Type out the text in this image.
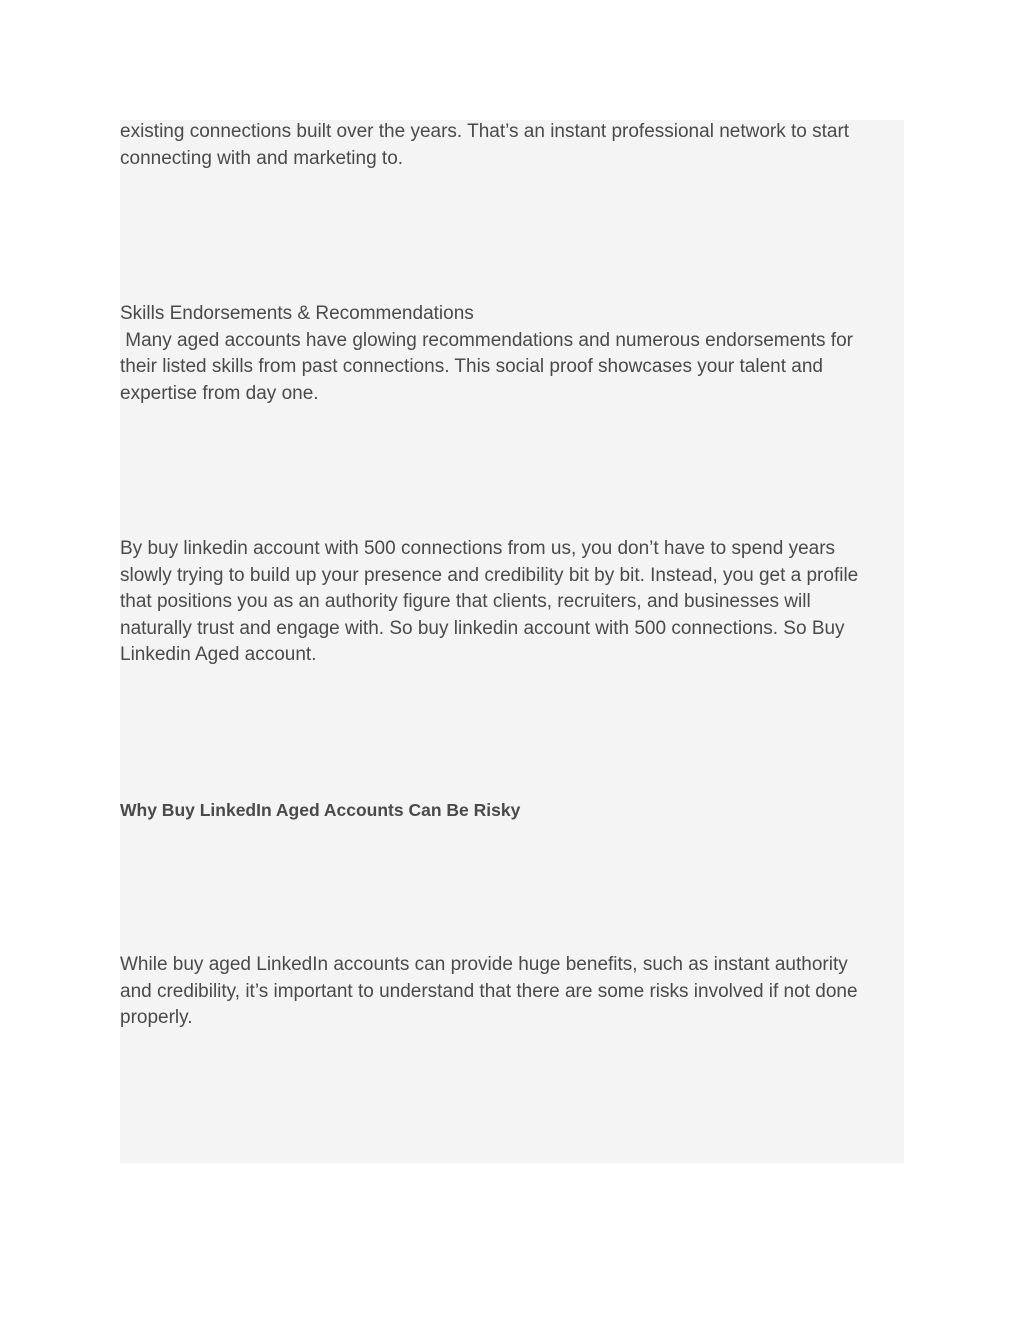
existing connections built over the years. That’s an instant professional network to start
connecting with and marketing to.

Skills Endorsements & Recommendations
Many aged accounts have glowing recommendations and numerous endorsements for
their listed skills from past connections. This social proof showcases your talent and
expertise from day one.

By buy linkedin account with 500 connections from us, you don’t have to spend years
slowly trying to build up your presence and credibility bit by bit. Instead, you get a profile
that positions you as an authority figure that clients, recruiters, and businesses will
naturally trust and engage with. So buy linkedin account with 500 connections. So Buy
Linkedin Aged account.

Why Buy LinkedIn Aged Accounts Can Be Risky

While buy aged LinkedIn accounts can provide huge benefits, such as instant authority
and credibility, it’s important to understand that there are some risks involved if not done
properly.
